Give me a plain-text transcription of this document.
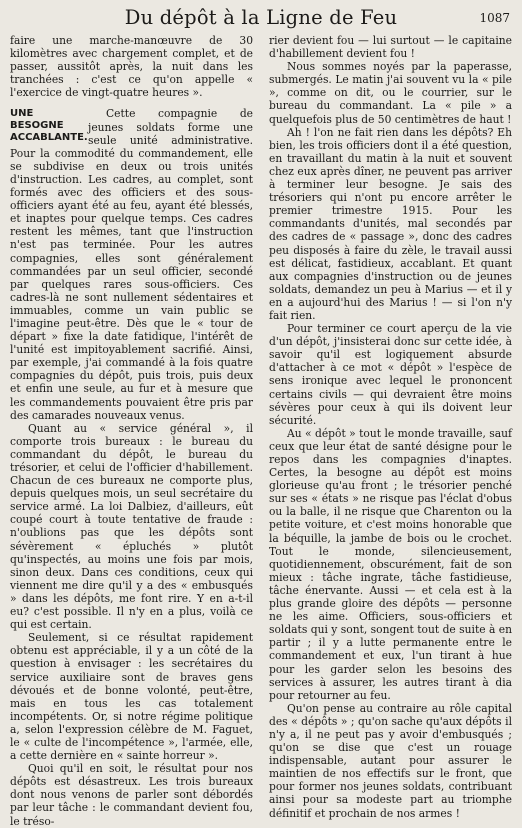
Du dépôt à la Ligne de Feu	1087

faire une marche-manœuvre de 30 kilomètres avec chargement complet, et de passer, aussitôt après, la nuit dans les tranchées : c'est ce qu'on appelle « l'exercice de vingt-quatre heures ».

UNE BESOGNE ACCABLANTE.

Cette compagnie de jeunes soldats forme une seule unité administrative. Pour la commodité du commandement, elle se subdivise en deux ou trois unités d'instruction. Les cadres, au complet, sont formés avec des officiers et des sous-officiers ayant été au feu, ayant été blessés, et inaptes pour quelque temps. Ces cadres restent les mêmes, tant que l'instruction n'est pas terminée. Pour les autres compagnies, elles sont généralement commandées par un seul officier, secondé par quelques rares sous-officiers. Ces cadres-là ne sont nullement sédentaires et immuables, comme un vain public se l'imagine peut-être. Dès que le « tour de départ » fixe la date fatidique, l'intérêt de l'unité est impitoyablement sacrifié. Ainsi, par exemple, j'ai commandé à la fois quatre compagnies du dépôt, puis trois, puis deux et enfin une seule, au fur et à mesure que les commandements pouvaient être pris par des camarades nouveaux venus.

Quant au « service général », il comporte trois bureaux : le bureau du commandant du dépôt, le bureau du trésorier, et celui de l'officier d'habillement. Chacun de ces bureaux ne comporte plus, depuis quelques mois, un seul secrétaire du service armé. La loi Dalbiez, d'ailleurs, eût coupé court à toute tentative de fraude : n'oublions pas que les dépôts sont sévèrement « épluchés » plutôt qu'inspectés, au moins une fois par mois, sinon deux. Dans ces conditions, ceux qui viennent me dire qu'il y a des « embusqués » dans les dépôts, me font rire. Y en a-t-il eu? c'est possible. Il n'y en a plus, voilà ce qui est certain.

Seulement, si ce résultat rapidement obtenu est appréciable, il y a un côté de la question à envisager : les secrétaires du service auxiliaire sont de braves gens dévoués et de bonne volonté, peut-être, mais en tous les cas totalement incompétents. Or, si notre régime politique a, selon l'expression célèbre de M. Faguet, le « culte de l'incompétence », l'armée, elle, a cette dernière en « sainte horreur ».

Quoi qu'il en soit, le résultat pour nos dépôts est désastreux. Les trois bureaux dont nous venons de parler sont débordés par leur tâche : le commandant devient fou, le tréso-

rier devient fou — lui surtout — le capitaine d'habillement devient fou !

Nous sommes noyés par la paperasse, submergés. Le matin j'ai souvent vu la « pile », comme on dit, ou le courrier, sur le bureau du commandant. La « pile » a quelquefois plus de 50 centimètres de haut !

Ah ! l'on ne fait rien dans les dépôts? Eh bien, les trois officiers dont il a été question, en travaillant du matin à la nuit et souvent chez eux après dîner, ne peuvent pas arriver à terminer leur besogne. Je sais des trésoriers qui n'ont pu encore arrêter le premier trimestre 1915. Pour les commandants d'unités, mal secondés par des cadres de « passage », donc des cadres peu disposés à faire du zèle, le travail aussi est délicat, fastidieux, accablant. Et quant aux compagnies d'instruction ou de jeunes soldats, demandez un peu à Marius — et il y en a aujourd'hui des Marius ! — si l'on n'y fait rien.

Pour terminer ce court aperçu de la vie d'un dépôt, j'insisterai donc sur cette idée, à savoir qu'il est logiquement absurde d'attacher à ce mot « dépôt » l'espèce de sens ironique avec lequel le prononcent certains civils — qui devraient être moins sévères pour ceux à qui ils doivent leur sécurité.

Au « dépôt » tout le monde travaille, sauf ceux que leur état de santé désigne pour le repos dans les compagnies d'inaptes. Certes, la besogne au dépôt est moins glorieuse qu'au front ; le trésorier penché sur ses « états » ne risque pas l'éclat d'obus ou la balle, il ne risque que Charenton ou la petite voiture, et c'est moins honorable que la béquille, la jambe de bois ou le crochet. Tout le monde, silencieusement, quotidiennement, obscurément, fait de son mieux : tâche ingrate, tâche fastidieuse, tâche énervante. Aussi — et cela est à la plus grande gloire des dépôts — personne ne les aime. Officiers, sous-officiers et soldats qui y sont, songent tout de suite à en partir ; il y a lutte permanente entre le commandement et eux, l'un tirant à hue pour les garder selon les besoins des services à assurer, les autres tirant à dia pour retourner au feu.

Qu'on pense au contraire au rôle capital des « dépôts » ; qu'on sache qu'aux dépôts il n'y a, il ne peut pas y avoir d'embusqués ; qu'on se dise que c'est un rouage indispensable, autant pour assurer le maintien de nos effectifs sur le front, que pour former nos jeunes soldats, contribuant ainsi pour sa modeste part au triomphe définitif et prochain de nos armes !
